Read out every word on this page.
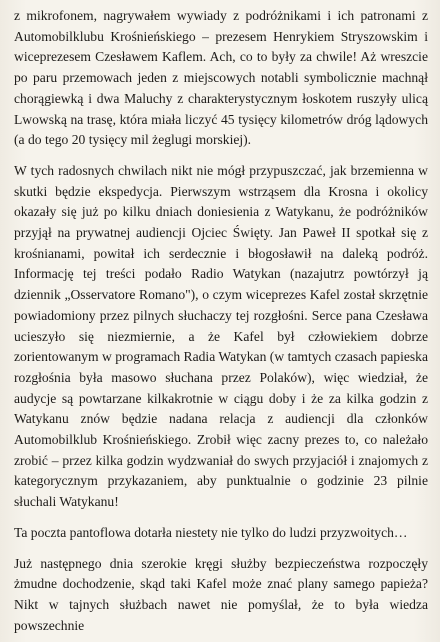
z mikrofonem, nagrywałem wywiady z podróżnikami i ich patronami z Automobilklubu Krośnieńskiego – prezesem Henrykiem Stryszowskim i wiceprezesem Czesławem Kaflem. Ach, co to były za chwile! Aż wreszcie po paru przemowach jeden z miejscowych notabli symbolicznie machnął chorągiewką i dwa Maluchy z charakterystycznym łoskotem ruszyły ulicą Lwowską na trasę, która miała liczyć 45 tysięcy kilometrów dróg lądowych (a do tego 20 tysięcy mil żeglugi morskiej).

W tych radosnych chwilach nikt nie mógł przypuszczać, jak brzemienna w skutki będzie ekspedycja. Pierwszym wstrząsem dla Krosna i okolicy okazały się już po kilku dniach doniesienia z Watykanu, że podróżników przyjął na prywatnej audiencji Ojciec Święty. Jan Paweł II spotkał się z krośnianami, powitał ich serdecznie i błogosławił na daleką podróż. Informację tej treści podało Radio Watykan (nazajutrz powtórzył ją dziennik „Osservatore Romano"), o czym wiceprezes Kafel został skrzętnie powiadomiony przez pilnych słuchaczy tej rozgłośni. Serce pana Czesława ucieszyło się niezmiernie, a że Kafel był człowiekiem dobrze zorientowanym w programach Radia Watykan (w tamtych czasach papieska rozgłośnia była masowo słuchana przez Polaków), więc wiedział, że audycje są powtarzane kilkakrotnie w ciągu doby i że za kilka godzin z Watykanu znów będzie nadana relacja z audiencji dla członków Automobilklub Krośnieńskiego. Zrobił więc zacny prezes to, co należało zrobić – przez kilka godzin wydzwaniał do swych przyjaciół i znajomych z kategorycznym przykazaniem, aby punktualnie o godzinie 23 pilnie słuchali Watykanu!

Ta poczta pantoflowa dotarła niestety nie tylko do ludzi przyzwoitych…

Już następnego dnia szerokie kręgi służby bezpieczeństwa rozpoczęły żmudne dochodzenie, skąd taki Kafel może znać plany samego papieża? Nikt w tajnych służbach nawet nie pomyślał, że to była wiedza powszechnie
